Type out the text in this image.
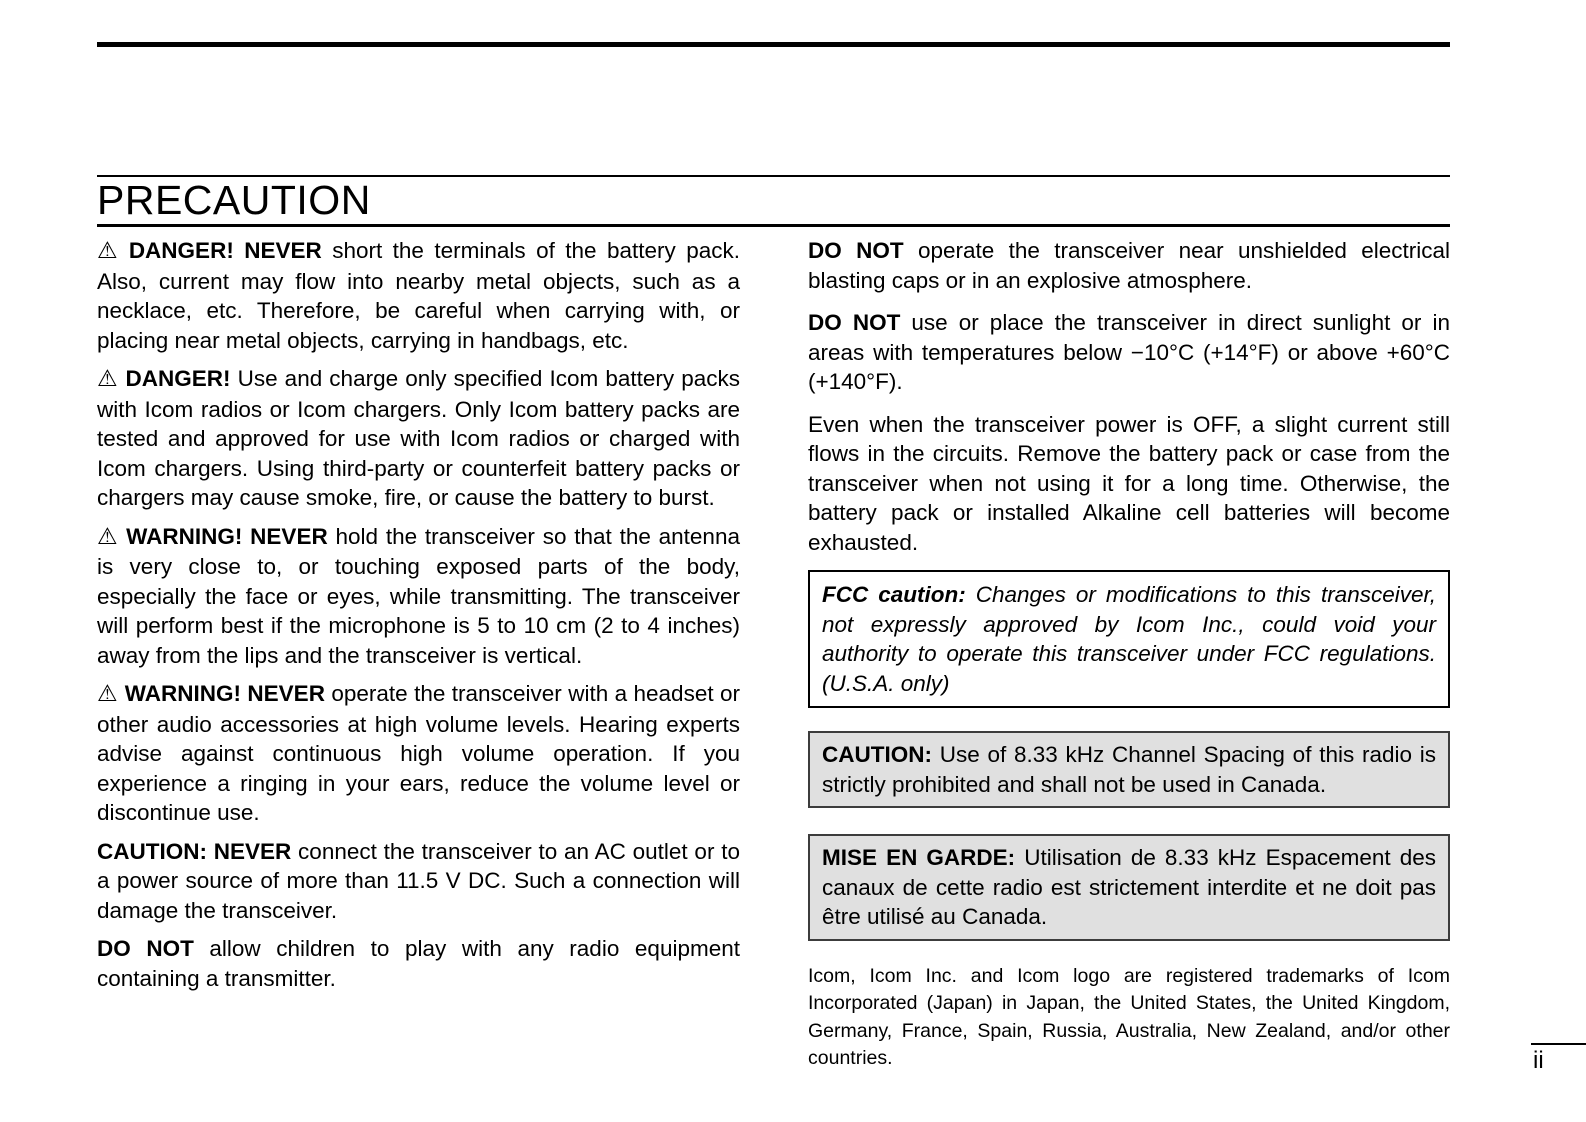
PRECAUTION

⚠ DANGER! NEVER short the terminals of the battery pack. Also, current may flow into nearby metal objects, such as a necklace, etc. Therefore, be careful when carrying with, or placing near metal objects, carrying in handbags, etc.

⚠ DANGER! Use and charge only specified Icom battery packs with Icom radios or Icom chargers. Only Icom battery packs are tested and approved for use with Icom radios or charged with Icom chargers. Using third-party or counterfeit battery packs or chargers may cause smoke, fire, or cause the battery to burst.

⚠ WARNING! NEVER hold the transceiver so that the antenna is very close to, or touching exposed parts of the body, especially the face or eyes, while transmitting. The transceiver will perform best if the microphone is 5 to 10 cm (2 to 4 inches) away from the lips and the transceiver is vertical.

⚠ WARNING! NEVER operate the transceiver with a headset or other audio accessories at high volume levels. Hearing experts advise against continuous high volume operation. If you experience a ringing in your ears, reduce the volume level or discontinue use.

CAUTION: NEVER connect the transceiver to an AC outlet or to a power source of more than 11.5 V DC. Such a connection will damage the transceiver.

DO NOT allow children to play with any radio equipment containing a transmitter.

DO NOT operate the transceiver near unshielded electrical blasting caps or in an explosive atmosphere.

DO NOT use or place the transceiver in direct sunlight or in areas with temperatures below −10°C (+14°F) or above +60°C (+140°F).

Even when the transceiver power is OFF, a slight current still flows in the circuits. Remove the battery pack or case from the transceiver when not using it for a long time. Otherwise, the battery pack or installed Alkaline cell batteries will become exhausted.

FCC caution: Changes or modifications to this transceiver, not expressly approved by Icom Inc., could void your authority to operate this transceiver under FCC regulations. (U.S.A. only)
CAUTION: Use of 8.33 kHz Channel Spacing of this radio is strictly prohibited and shall not be used in Canada.
MISE EN GARDE: Utilisation de 8.33 kHz Espacement des canaux de cette radio est strictement interdite et ne doit pas être utilisé au Canada.

Icom, Icom Inc. and Icom logo are registered trademarks of Icom Incorporated (Japan) in Japan, the United States, the United Kingdom, Germany, France, Spain, Russia, Australia, New Zealand, and/or other countries.	ii
